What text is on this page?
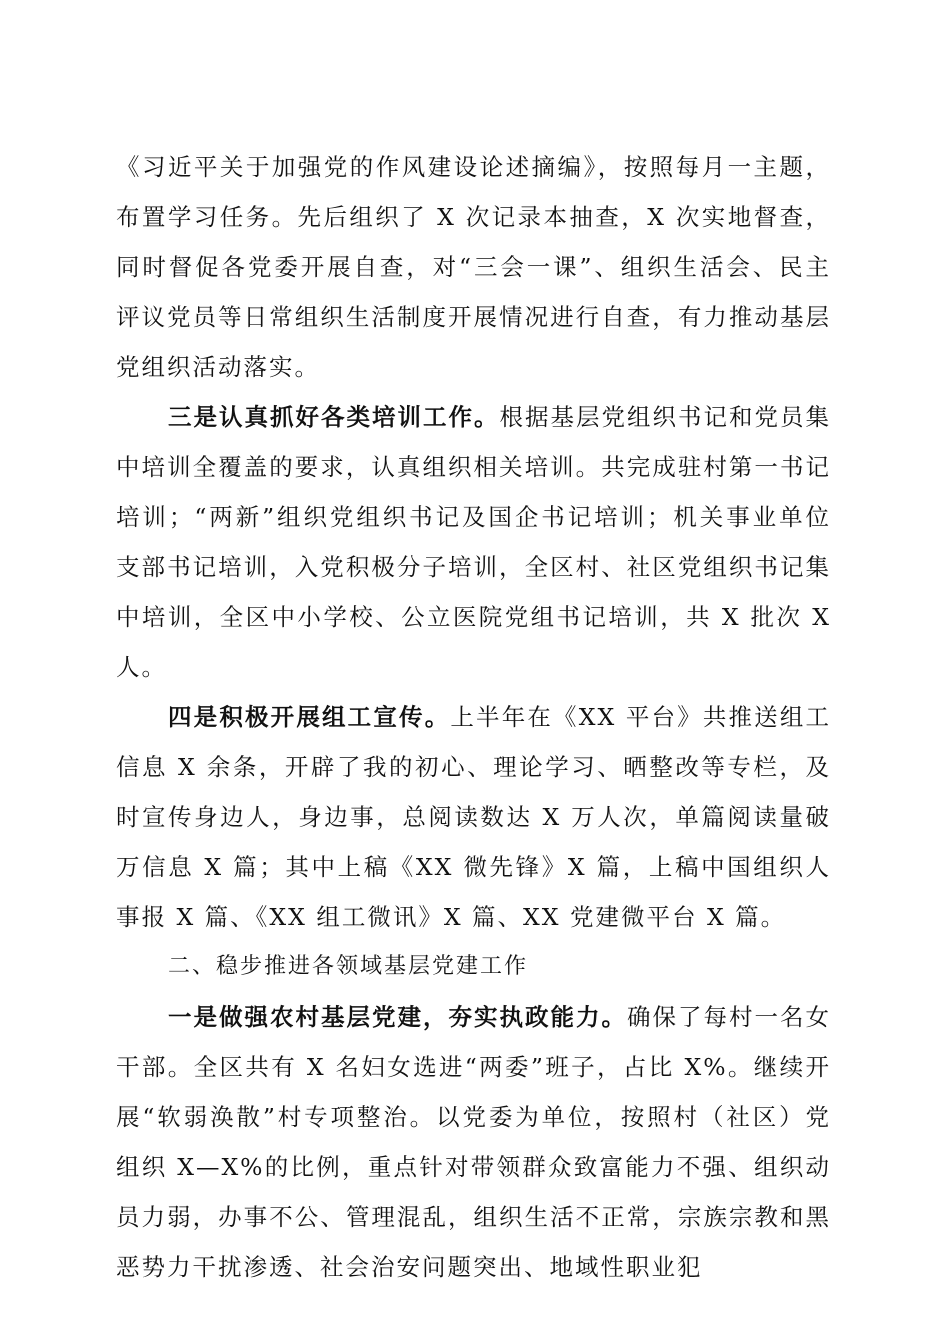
《习近平关于加强党的作风建设论述摘编》，按照每月一主题，布置学习任务。先后组织了 X 次记录本抽查，X 次实地督查，同时督促各党委开展自查，对“三会一课”、组织生活会、民主评议党员等日常组织生活制度开展情况进行自查，有力推动基层党组织活动落实。

三是认真抓好各类培训工作。根据基层党组织书记和党员集中培训全覆盖的要求，认真组织相关培训。共完成驻村第一书记培训；“两新”组织党组织书记及国企书记培训；机关事业单位支部书记培训，入党积极分子培训，全区村、社区党组织书记集中培训，全区中小学校、公立医院党组书记培训，共 X 批次 X 人。

四是积极开展组工宣传。上半年在《XX 平台》共推送组工信息 X 余条，开辟了我的初心、理论学习、晒整改等专栏，及时宣传身边人，身边事，总阅读数达 X 万人次，单篇阅读量破万信息 X 篇；其中上稿《XX 微先锋》X 篇，上稿中国组织人事报 X 篇、《XX 组工微讯》X 篇、XX 党建微平台 X 篇。

二、稳步推进各领域基层党建工作

一是做强农村基层党建，夯实执政能力。确保了每村一名女干部。全区共有 X 名妇女选进“两委”班子，占比 X%。继续开展“软弱涣散”村专项整治。以党委为单位，按照村（社区）党组织 X—X%的比例，重点针对带领群众致富能力不强、组织动员力弱，办事不公、管理混乱，组织生活不正常，宗族宗教和黑恶势力干扰渗透、社会治安问题突出、地域性职业犯
